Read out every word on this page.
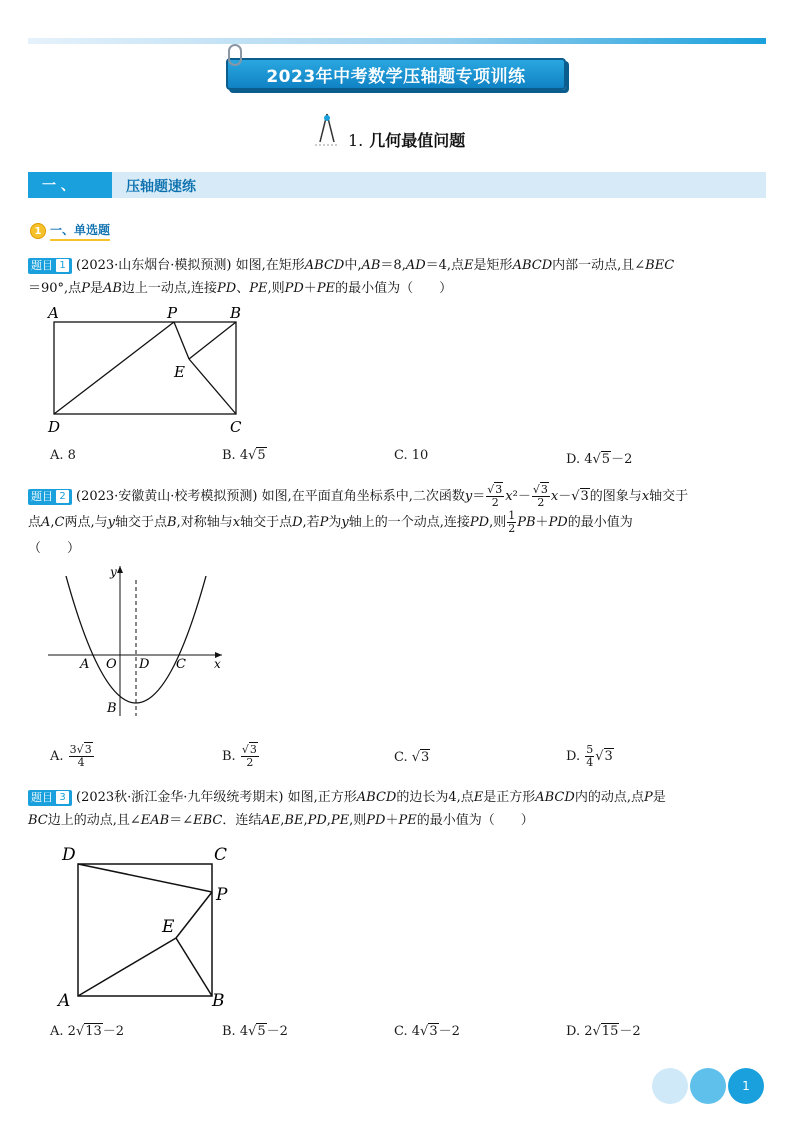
2023年中考数学压轴题专项训练
1. 几何最值问题
一 、	压轴题速练
1 一、单选题
题目 1 (2023·山东烟台·模拟预测) 如图,在矩形ABCD中,AB＝8,AD＝4,点E是矩形ABCD内部一动点,且∠BEC
＝90°,点P是AB边上一动点,连接PD、PE,则PD＋PE的最小值为（　　）
A	P	B
E
D	C
A. 8	B. 4√5	C. 10	D. 4√5－2
题目 2 (2023·安徽黄山·校考模拟预测) 如图,在平面直角坐标系中,二次函数$y= \frac{√3}{2} x^2- \frac{√3}{2} x-√3$的图象与x轴交于
点A,C两点,与y轴交于点B,对称轴与x轴交于点D,若P为y轴上的一个动点,连接PD,则 $\frac{1}{2} PB+PD$的最小值为
（　　）
y
A O D C x
B
A. $\frac{3√3}{4}$	B. $\frac{√3}{2}$	C. √3	D. $\frac{5}{4} √3$
题目 3 (2023秋·浙江金华·九年级统考期末) 如图,正方形ABCD的边长为4,点E是正方形ABCD内的动点,点P是
BC边上的动点,且∠EAB＝∠EBC．连结AE,BE,PD,PE,则PD＋PE的最小值为（　　）
D	C
P
E
A	B
A. 2√13－2	B. 4√5－2	C. 4√3－2	D. 2√15－2
1
